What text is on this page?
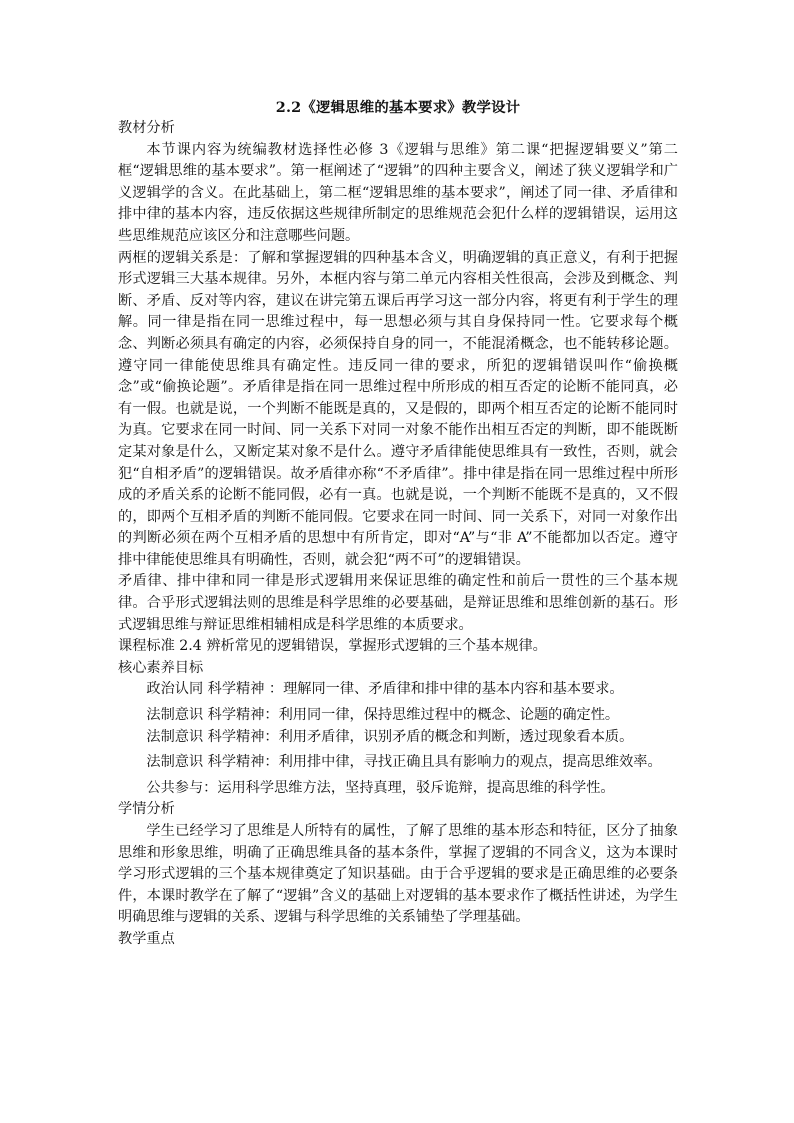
2.2《逻辑思维的基本要求》教学设计

教材分析

本节课内容为统编教材选择性必修 3《逻辑与思维》第二课“把握逻辑要义”第二框“逻辑思维的基本要求”。第一框阐述了“逻辑”的四种主要含义，阐述了狭义逻辑学和广义逻辑学的含义。在此基础上，第二框“逻辑思维的基本要求”，阐述了同一律、矛盾律和排中律的基本内容，违反依据这些规律所制定的思维规范会犯什么样的逻辑错误，运用这些思维规范应该区分和注意哪些问题。

两框的逻辑关系是：了解和掌握逻辑的四种基本含义，明确逻辑的真正意义，有利于把握形式逻辑三大基本规律。另外，本框内容与第二单元内容相关性很高，会涉及到概念、判断、矛盾、反对等内容，建议在讲完第五课后再学习这一部分内容，将更有利于学生的理解。同一律是指在同一思维过程中，每一思想必须与其自身保持同一性。它要求每个概念、判断必须具有确定的内容，必须保持自身的同一，不能混淆概念，也不能转移论题。遵守同一律能使思维具有确定性。违反同一律的要求，所犯的逻辑错误叫作“偷换概念”或“偷换论题”。矛盾律是指在同一思维过程中所形成的相互否定的论断不能同真，必有一假。也就是说，一个判断不能既是真的，又是假的，即两个相互否定的论断不能同时为真。它要求在同一时间、同一关系下对同一对象不能作出相互否定的判断，即不能既断定某对象是什么，又断定某对象不是什么。遵守矛盾律能使思维具有一致性，否则，就会犯“自相矛盾”的逻辑错误。故矛盾律亦称“不矛盾律”。排中律是指在同一思维过程中所形成的矛盾关系的论断不能同假，必有一真。也就是说，一个判断不能既不是真的，又不假的，即两个互相矛盾的判断不能同假。它要求在同一时间、同一关系下，对同一对象作出的判断必须在两个互相矛盾的思想中有所肯定，即对“A”与“非 A”不能都加以否定。遵守排中律能使思维具有明确性，否则，就会犯“两不可”的逻辑错误。

矛盾律、排中律和同一律是形式逻辑用来保证思维的确定性和前后一贯性的三个基本规律。合乎形式逻辑法则的思维是科学思维的必要基础，是辩证思维和思维创新的基石。形式逻辑思维与辩证思维相辅相成是科学思维的本质要求。

课程标准 2.4 辨析常见的逻辑错误，掌握形式逻辑的三个基本规律。

核心素养目标

政治认同 科学精神 ：理解同一律、矛盾律和排中律的基本内容和基本要求。

法制意识 科学精神：利用同一律，保持思维过程中的概念、论题的确定性。

法制意识 科学精神：利用矛盾律，识别矛盾的概念和判断，透过现象看本质。

法制意识 科学精神：利用排中律，寻找正确且具有影响力的观点，提高思维效率。

公共参与：运用科学思维方法，坚持真理，驳斥诡辩，提高思维的科学性。

学情分析

学生已经学习了思维是人所特有的属性，了解了思维的基本形态和特征，区分了抽象思维和形象思维，明确了正确思维具备的基本条件，掌握了逻辑的不同含义，这为本课时学习形式逻辑的三个基本规律奠定了知识基础。由于合乎逻辑的要求是正确思维的必要条件，本课时教学在了解了“逻辑”含义的基础上对逻辑的基本要求作了概括性讲述，为学生明确思维与逻辑的关系、逻辑与科学思维的关系铺垫了学理基础。

教学重点
